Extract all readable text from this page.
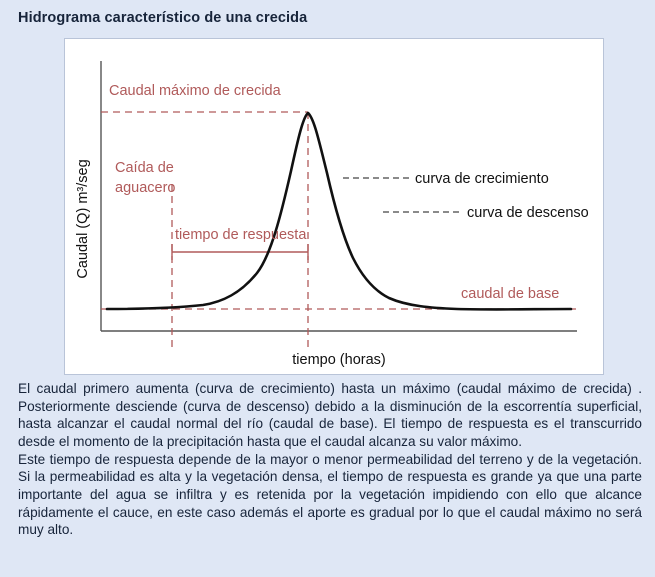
Hidrograma característico de una crecida
Caudal (Q) m³/seg
tiempo (horas)
Caudal máximo de crecida
Caída de
aguacero
tiempo de respuesta
curva de crecimiento
curva de descenso
caudal de base

El caudal primero aumenta (curva de crecimiento) hasta un máximo (caudal máximo de crecida) . Posteriormente desciende (curva de descenso) debido a la disminución de la escorrentía superficial, hasta alcanzar el caudal normal del río (caudal de base). El tiempo de respuesta es el transcurrido desde el momento de la precipitación hasta que el caudal alcanza su valor máximo.

Este tiempo de respuesta depende de la mayor o menor permeabilidad del terreno y de la vegetación. Si la permeabilidad es alta y la vegetación densa, el tiempo de respuesta es grande ya que una parte importante del agua se infiltra y es retenida por la vegetación impidiendo con ello que alcance rápidamente el cauce, en este caso además el aporte es gradual por lo que el caudal máximo no será muy alto.
